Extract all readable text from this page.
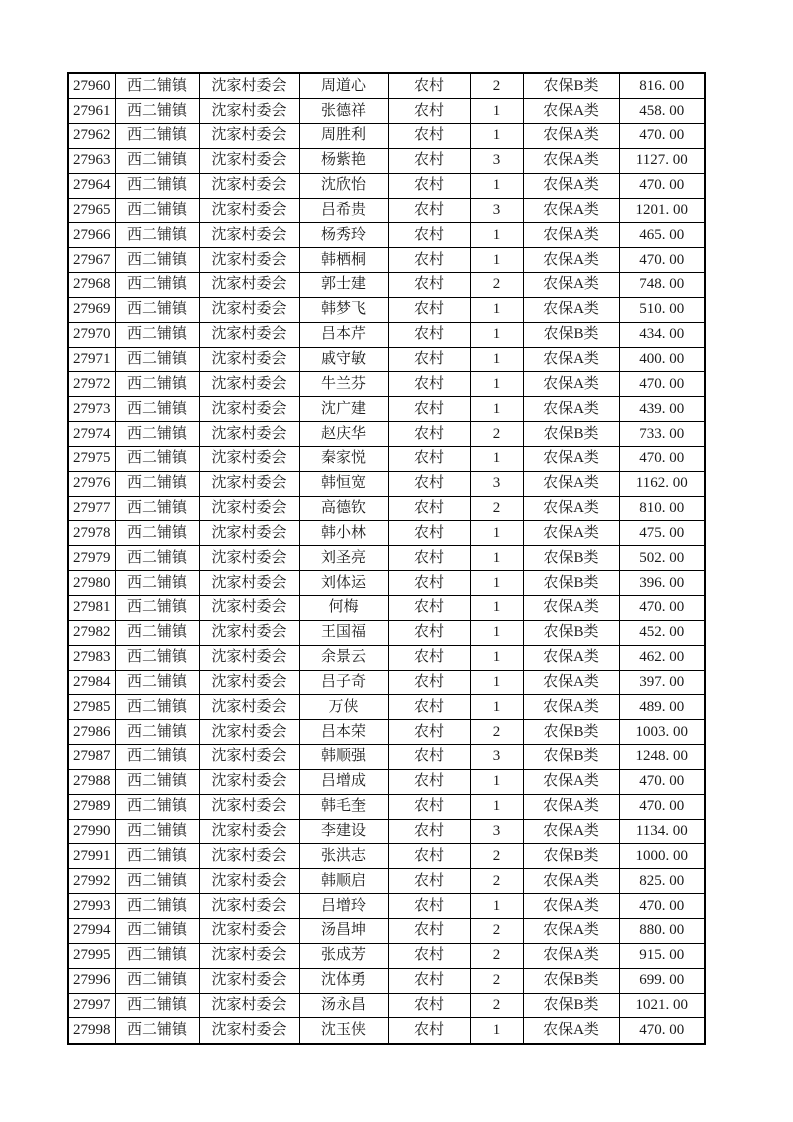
27960	西二铺镇	沈家村委会	周道心	农村	2	农保B类	816. 00
27961	西二铺镇	沈家村委会	张德祥	农村	1	农保A类	458. 00
27962	西二铺镇	沈家村委会	周胜利	农村	1	农保A类	470. 00
27963	西二铺镇	沈家村委会	杨紫艳	农村	3	农保A类	1127. 00
27964	西二铺镇	沈家村委会	沈欣怡	农村	1	农保A类	470. 00
27965	西二铺镇	沈家村委会	吕希贵	农村	3	农保A类	1201. 00
27966	西二铺镇	沈家村委会	杨秀玲	农村	1	农保A类	465. 00
27967	西二铺镇	沈家村委会	韩栖桐	农村	1	农保A类	470. 00
27968	西二铺镇	沈家村委会	郭士建	农村	2	农保A类	748. 00
27969	西二铺镇	沈家村委会	韩梦飞	农村	1	农保A类	510. 00
27970	西二铺镇	沈家村委会	吕本芹	农村	1	农保B类	434. 00
27971	西二铺镇	沈家村委会	戚守敏	农村	1	农保A类	400. 00
27972	西二铺镇	沈家村委会	牛兰芬	农村	1	农保A类	470. 00
27973	西二铺镇	沈家村委会	沈广建	农村	1	农保A类	439. 00
27974	西二铺镇	沈家村委会	赵庆华	农村	2	农保B类	733. 00
27975	西二铺镇	沈家村委会	秦家悦	农村	1	农保A类	470. 00
27976	西二铺镇	沈家村委会	韩恒宽	农村	3	农保A类	1162. 00
27977	西二铺镇	沈家村委会	高德钦	农村	2	农保A类	810. 00
27978	西二铺镇	沈家村委会	韩小林	农村	1	农保A类	475. 00
27979	西二铺镇	沈家村委会	刘圣亮	农村	1	农保B类	502. 00
27980	西二铺镇	沈家村委会	刘体运	农村	1	农保B类	396. 00
27981	西二铺镇	沈家村委会	何梅	农村	1	农保A类	470. 00
27982	西二铺镇	沈家村委会	王国福	农村	1	农保B类	452. 00
27983	西二铺镇	沈家村委会	余景云	农村	1	农保A类	462. 00
27984	西二铺镇	沈家村委会	吕子奇	农村	1	农保A类	397. 00
27985	西二铺镇	沈家村委会	万侠	农村	1	农保A类	489. 00
27986	西二铺镇	沈家村委会	吕本荣	农村	2	农保B类	1003. 00
27987	西二铺镇	沈家村委会	韩顺强	农村	3	农保B类	1248. 00
27988	西二铺镇	沈家村委会	吕增成	农村	1	农保A类	470. 00
27989	西二铺镇	沈家村委会	韩毛奎	农村	1	农保A类	470. 00
27990	西二铺镇	沈家村委会	李建设	农村	3	农保A类	1134. 00
27991	西二铺镇	沈家村委会	张洪志	农村	2	农保B类	1000. 00
27992	西二铺镇	沈家村委会	韩顺启	农村	2	农保A类	825. 00
27993	西二铺镇	沈家村委会	吕增玲	农村	1	农保A类	470. 00
27994	西二铺镇	沈家村委会	汤昌坤	农村	2	农保A类	880. 00
27995	西二铺镇	沈家村委会	张成芳	农村	2	农保A类	915. 00
27996	西二铺镇	沈家村委会	沈体勇	农村	2	农保B类	699. 00
27997	西二铺镇	沈家村委会	汤永昌	农村	2	农保B类	1021. 00
27998	西二铺镇	沈家村委会	沈玉侠	农村	1	农保A类	470. 00
